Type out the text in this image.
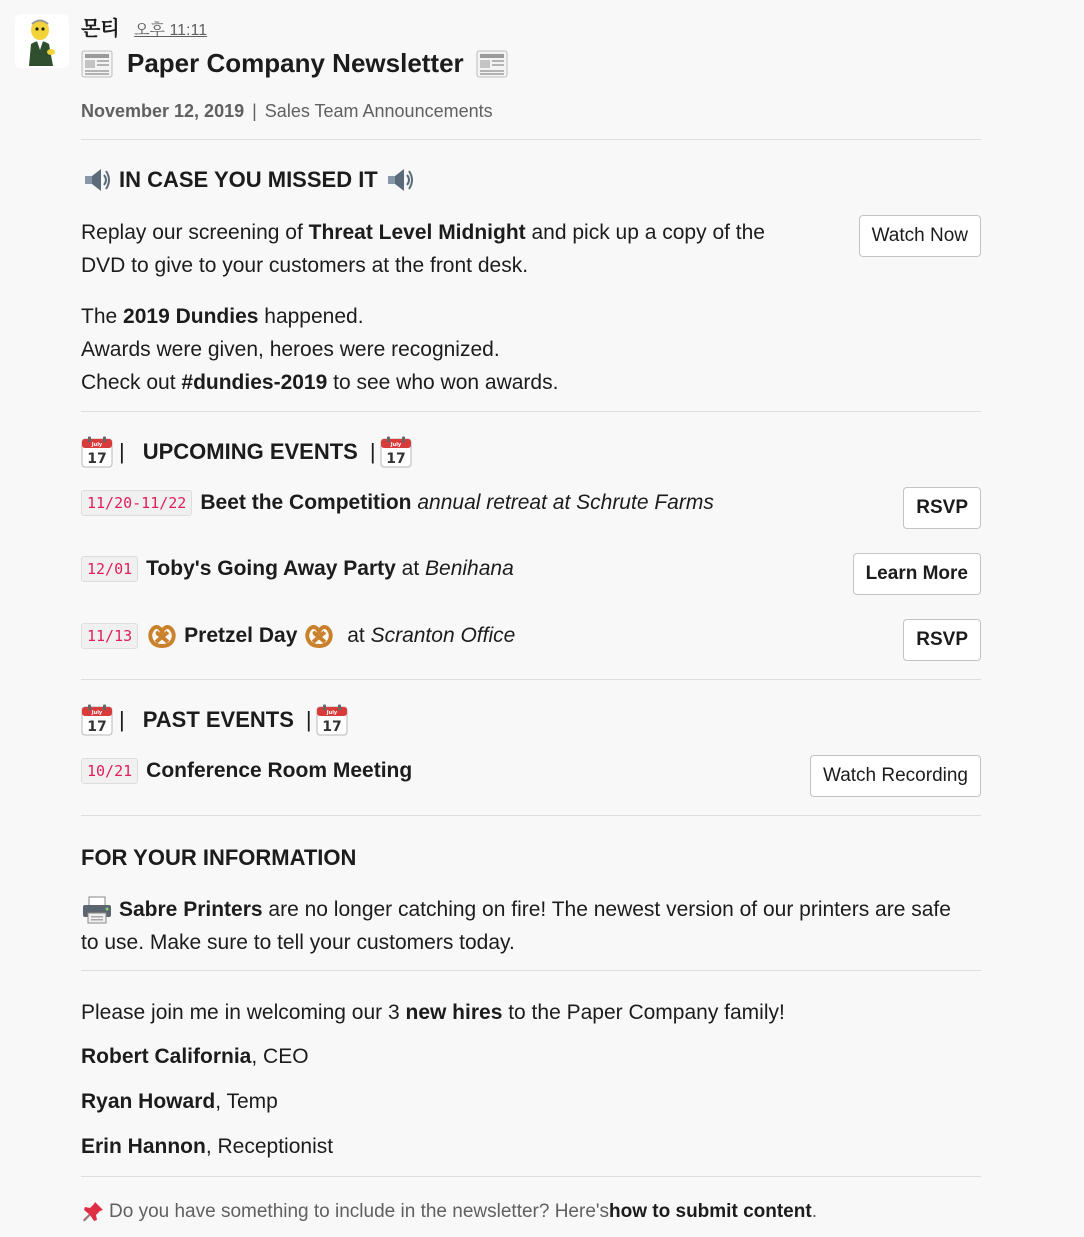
몬티 오후 11:11
Paper Company Newsletter
November 12, 2019 | Sales Team Announcements
IN CASE YOU MISSED IT
Replay our screening of Threat Level Midnight and pick up a copy of the DVD to give to your customers at the front desk.
Watch Now
The 2019 Dundies happened.
Awards were given, heroes were recognized.
Check out #dundies-2019 to see who won awards.
| UPCOMING EVENTS |
11/20-11/22 Beet the Competition
annual retreat at Schrute Farms	RSVP
12/01 Toby's Going Away Party at Benihana	Learn More
11/13 Pretzel Day at Scranton Office	RSVP
| PAST EVENTS |
10/21 Conference Room Meeting	Watch Recording
FOR YOUR INFORMATION
Sabre Printers are no longer catching on fire! The newest version of our printers are safe to use. Make sure to tell your customers today.
Please join me in welcoming our 3 new hires to the Paper Company family!
Robert California, CEO
Ryan Howard, Temp
Erin Hannon, Receptionist
Do you have something to include in the newsletter? Here's how to submit content .
